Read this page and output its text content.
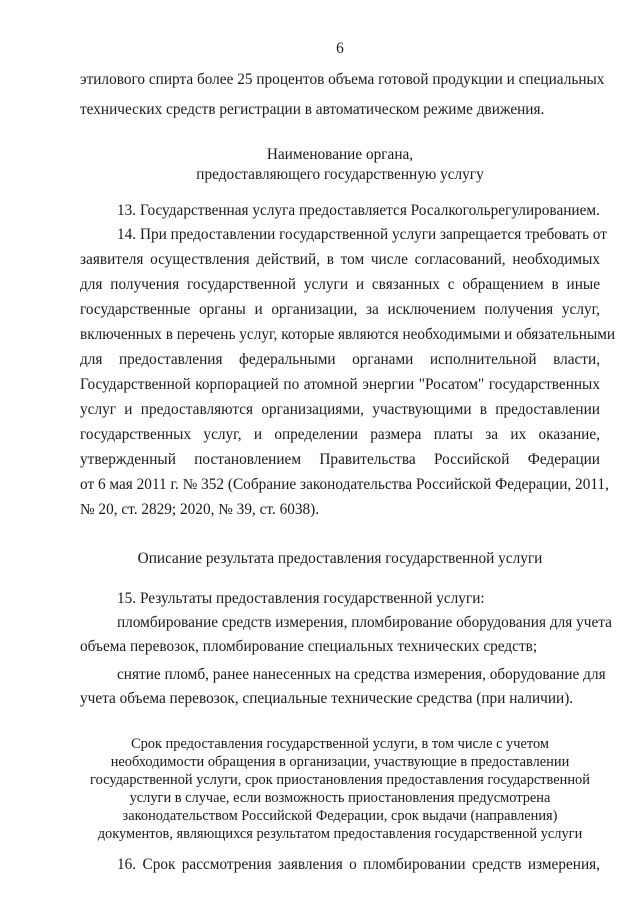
6
этилового спирта более 25 процентов объема готовой продукции и специальных
технических средств регистрации в автоматическом режиме движения.
Наименование органа,
предоставляющего государственную услугу
13. Государственная услуга предоставляется Росалкогольрегулированием.
14. При предоставлении государственной услуги запрещается требовать от
заявителя осуществления действий, в том числе согласований, необходимых
для получения государственной услуги и связанных с обращением в иные
государственные органы и организации, за исключением получения услуг,
включенных в перечень услуг, которые являются необходимыми и обязательными
для предоставления федеральными органами исполнительной власти,
Государственной корпорацией по атомной энергии "Росатом" государственных
услуг и предоставляются организациями, участвующими в предоставлении
государственных услуг, и определении размера платы за их оказание,
утвержденный постановлением Правительства Российской Федерации
от 6 мая 2011 г. № 352 (Собрание законодательства Российской Федерации, 2011,
№ 20, ст. 2829; 2020, № 39, ст. 6038).
Описание результата предоставления государственной услуги
15. Результаты предоставления государственной услуги:
пломбирование средств измерения, пломбирование оборудования для учета
объема перевозок, пломбирование специальных технических средств;
снятие пломб, ранее нанесенных на средства измерения, оборудование для
учета объема перевозок, специальные технические средства (при наличии).
Срок предоставления государственной услуги, в том числе с учетом
необходимости обращения в организации, участвующие в предоставлении
государственной услуги, срок приостановления предоставления государственной
услуги в случае, если возможность приостановления предусмотрена
законодательством Российской Федерации, срок выдачи (направления)
документов, являющихся результатом предоставления государственной услуги
16. Срок рассмотрения заявления о пломбировании средств измерения,
